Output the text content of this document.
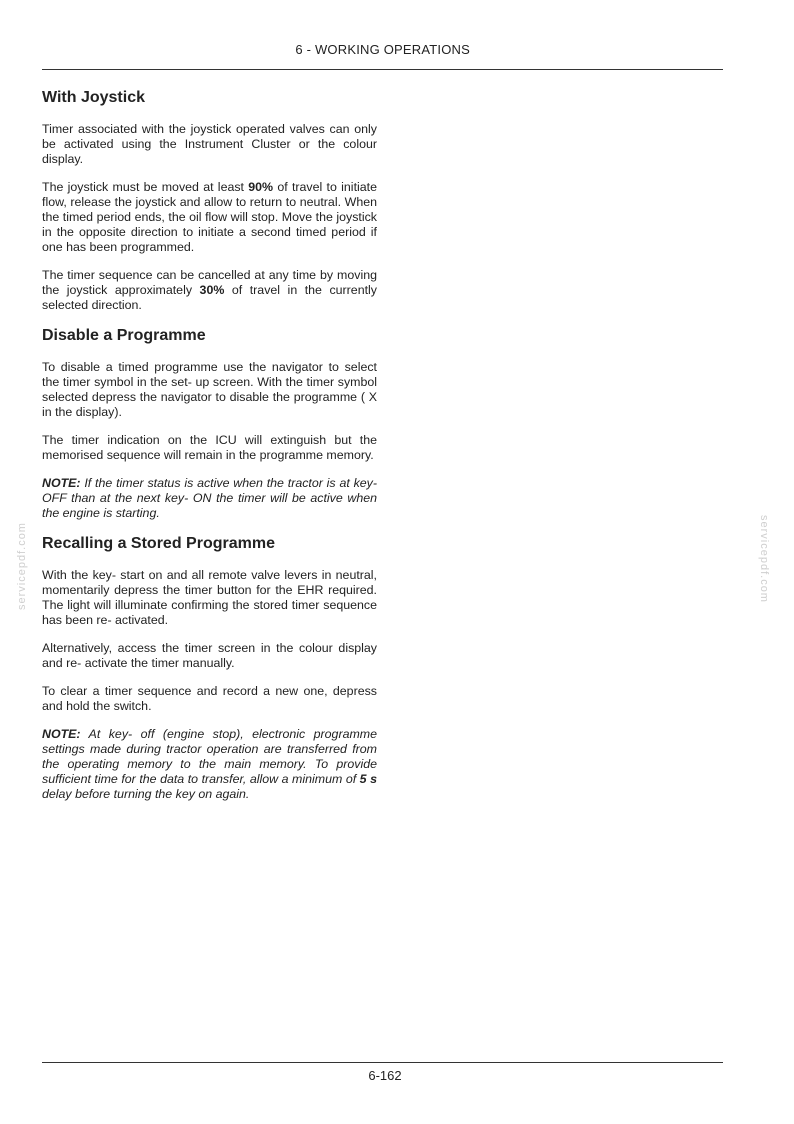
6 - WORKING OPERATIONS
With Joystick

Timer associated with the joystick operated valves can only be activated using the Instrument Cluster or the colour display.

The joystick must be moved at least 90% of travel to initiate flow, release the joystick and allow to return to neutral. When the timed period ends, the oil flow will stop. Move the joystick in the opposite direction to initiate a second timed period if one has been programmed.

The timer sequence can be cancelled at any time by moving the joystick approximately 30% of travel in the currently selected direction.

Disable a Programme

To disable a timed programme use the navigator to select the timer symbol in the set- up screen. With the timer symbol selected depress the navigator to disable the programme ( X in the display).

The timer indication on the ICU will extinguish but the memorised sequence will remain in the programme memory.

NOTE: If the timer status is active when the tractor is at key- OFF than at the next key- ON the timer will be active when the engine is starting.

Recalling a Stored Programme

With the key- start on and all remote valve levers in neutral, momentarily depress the timer button for the EHR required. The light will illuminate confirming the stored timer sequence has been re- activated.

Alternatively, access the timer screen in the colour display and re- activate the timer manually.

To clear a timer sequence and record a new one, depress and hold the switch.

NOTE: At key- off (engine stop), electronic programme settings made during tractor operation are transferred from the operating memory to the main memory. To provide sufficient time for the data to transfer, allow a minimum of 5 s delay before turning the key on again.

servicepdf.com	servicepdf.com
6-162
